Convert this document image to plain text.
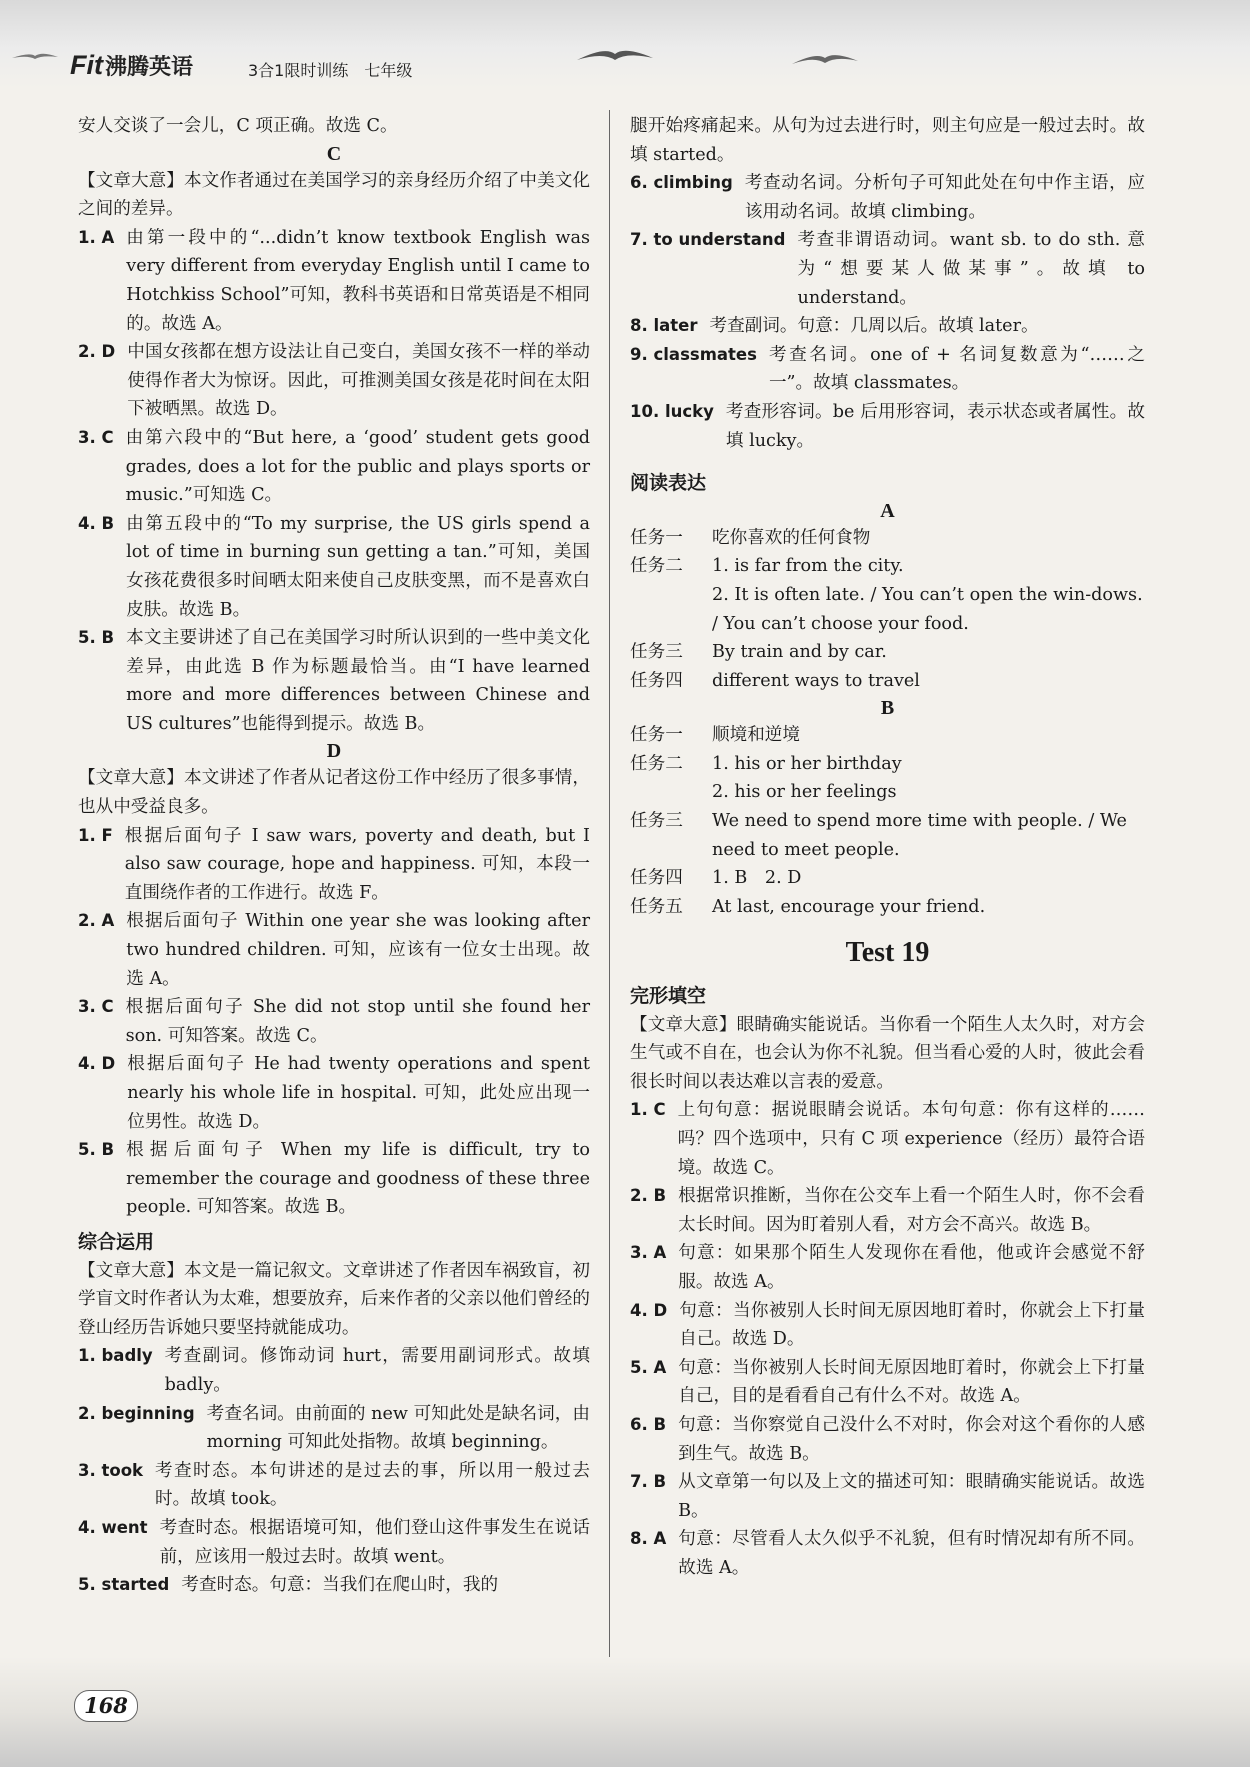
Fit沸腾英语	3合1限时训练　七年级

安人交谈了一会儿，C 项正确。故选 C。

C

【文章大意】本文作者通过在美国学习的亲身经历介绍了中美文化之间的差异。

1. A 由第一段中的“...didn’t know textbook English was very different from everyday English until I came to Hotchkiss School”可知，教科书英语和日常英语是不相同的。故选 A。
2. D 中国女孩都在想方设法让自己变白，美国女孩不一样的举动使得作者大为惊讶。因此，可推测美国女孩是花时间在太阳下被晒黑。故选 D。
3. C 由第六段中的“But here, a ‘good’ student gets good grades, does a lot for the public and plays sports or music.”可知选 C。
4. B 由第五段中的“To my surprise, the US girls spend a lot of time in burning sun getting a tan.”可知，美国女孩花费很多时间晒太阳来使自己皮肤变黑，而不是喜欢白皮肤。故选 B。
5. B 本文主要讲述了自己在美国学习时所认识到的一些中美文化差异，由此选 B 作为标题最恰当。由“I have learned more and more differences between Chinese and US cultures”也能得到提示。故选 B。

D

【文章大意】本文讲述了作者从记者这份工作中经历了很多事情，也从中受益良多。

1. F 根据后面句子 I saw wars, poverty and death, but I also saw courage, hope and happiness. 可知，本段一直围绕作者的工作进行。故选 F。
2. A 根据后面句子 Within one year she was looking after two hundred children. 可知，应该有一位女士出现。故选 A。
3. C 根据后面句子 She did not stop until she found her son. 可知答案。故选 C。
4. D 根据后面句子 He had twenty operations and spent nearly his whole life in hospital. 可知，此处应出现一位男性。故选 D。
5. B 根据后面句子 When my life is difficult, try to remember the courage and goodness of these three people. 可知答案。故选 B。

综合运用

【文章大意】本文是一篇记叙文。文章讲述了作者因车祸致盲，初学盲文时作者认为太难，想要放弃，后来作者的父亲以他们曾经的登山经历告诉她只要坚持就能成功。

1. badly 考查副词。修饰动词 hurt，需要用副词形式。故填 badly。
2. beginning 考查名词。由前面的 new 可知此处是缺名词，由 morning 可知此处指物。故填 beginning。
3. took 考查时态。本句讲述的是过去的事，所以用一般过去时。故填 took。
4. went 考查时态。根据语境可知，他们登山这件事发生在说话前，应该用一般过去时。故填 went。
5. started 考查时态。句意：当我们在爬山时，我的

腿开始疼痛起来。从句为过去进行时，则主句应是一般过去时。故填 started。

6. climbing 考查动名词。分析句子可知此处在句中作主语，应该用动名词。故填 climbing。
7. to understand 考查非谓语动词。want sb. to do sth. 意为“想要某人做某事”。故填 to understand。
8. later 考查副词。句意：几周以后。故填 later。
9. classmates 考查名词。one of + 名词复数意为“……之一”。故填 classmates。
10. lucky 考查形容词。be 后用形容词，表示状态或者属性。故填 lucky。

阅读表达

A

任务一	吃你喜欢的任何食物
任务二	1. is far from the city.
2. It is often late. / You can’t open the win-dows. / You can’t choose your food.
任务三	By train and by car.
任务四	different ways to travel

B

任务一	顺境和逆境
任务二	1. his or her birthday
2. his or her feelings
任务三	We need to spend more time with people. / We need to meet people.
任务四	1. B　2. D
任务五	At last, encourage your friend.
Test 19

完形填空

【文章大意】眼睛确实能说话。当你看一个陌生人太久时，对方会生气或不自在，也会认为你不礼貌。但当看心爱的人时，彼此会看很长时间以表达难以言表的爱意。

1. C 上句句意：据说眼睛会说话。本句句意：你有这样的……吗？四个选项中，只有 C 项 experience（经历）最符合语境。故选 C。
2. B 根据常识推断，当你在公交车上看一个陌生人时，你不会看太长时间。因为盯着别人看，对方会不高兴。故选 B。
3. A 句意：如果那个陌生人发现你在看他，他或许会感觉不舒服。故选 A。
4. D 句意：当你被别人长时间无原因地盯着时，你就会上下打量自己。故选 D。
5. A 句意：当你被别人长时间无原因地盯着时，你就会上下打量自己，目的是看看自己有什么不对。故选 A。
6. B 句意：当你察觉自己没什么不对时，你会对这个看你的人感到生气。故选 B。
7. B 从文章第一句以及上文的描述可知：眼睛确实能说话。故选 B。
8. A 句意：尽管看人太久似乎不礼貌，但有时情况却有所不同。故选 A。
168
